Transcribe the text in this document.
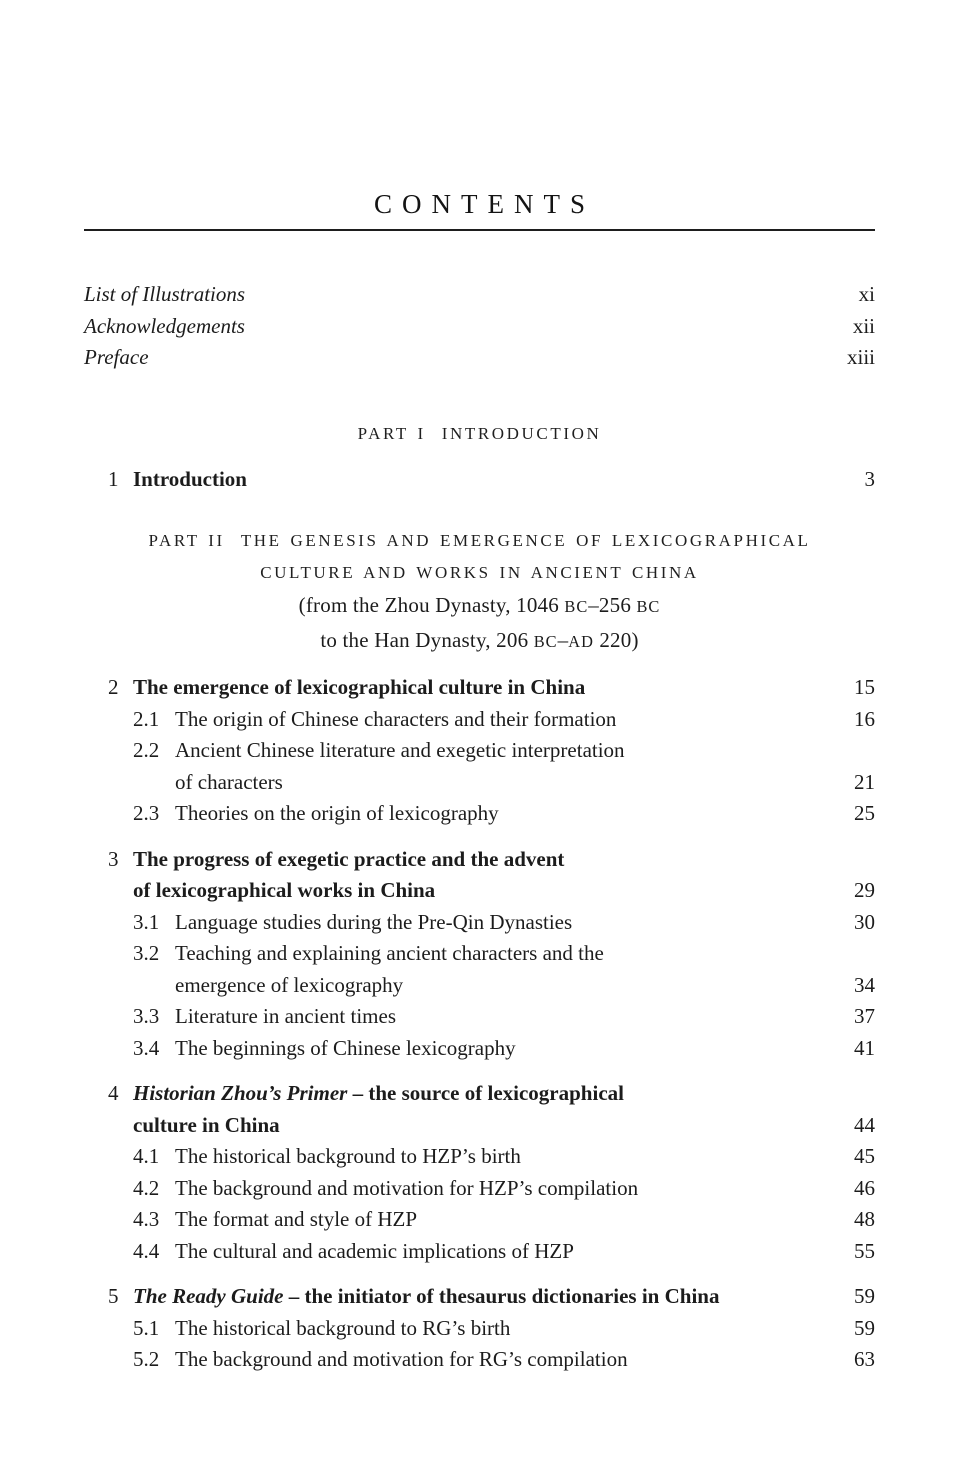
CONTENTS
List of Illustrations	xi
Acknowledgements	xii
Preface	xiii
PART I INTRODUCTION
1 Introduction	3
PART II THE GENESIS AND EMERGENCE OF LEXICOGRAPHICAL
CULTURE AND WORKS IN ANCIENT CHINA
(from the Zhou Dynasty, 1046 BC–256 BC
to the Han Dynasty, 206 BC–AD 220)
2 The emergence of lexicographical culture in China	15
2.1 The origin of Chinese characters and their formation	16
2.2 Ancient Chinese literature and exegetic interpretation
of characters	21
2.3 Theories on the origin of lexicography	25
3 The progress of exegetic practice and the advent
of lexicographical works in China	29
3.1 Language studies during the Pre-Qin Dynasties	30
3.2 Teaching and explaining ancient characters and the
emergence of lexicography	34
3.3 Literature in ancient times	37
3.4 The beginnings of Chinese lexicography	41
4 Historian Zhou’s Primer – the source of lexicographical
culture in China	44
4.1 The historical background to HZP’s birth	45
4.2 The background and motivation for HZP’s compilation	46
4.3 The format and style of HZP	48
4.4 The cultural and academic implications of HZP	55
5 The Ready Guide – the initiator of thesaurus dictionaries in China	59
5.1 The historical background to RG’s birth	59
5.2 The background and motivation for RG’s compilation	63
